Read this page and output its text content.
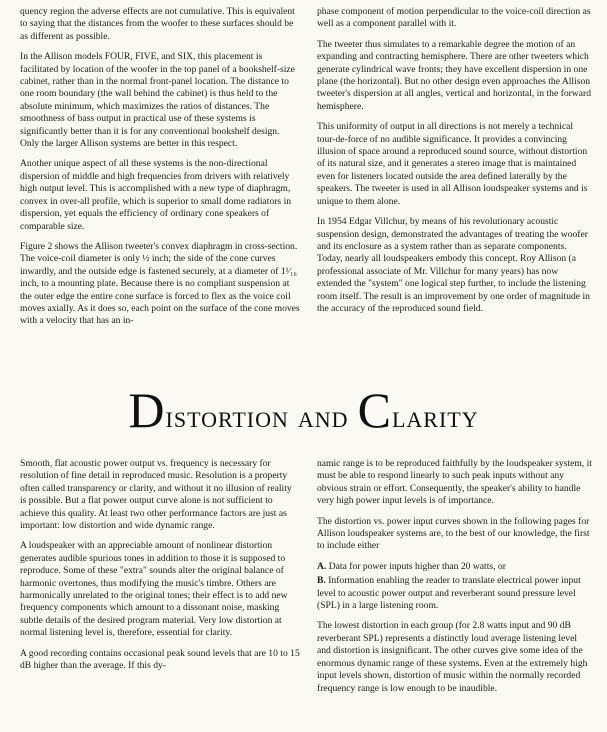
quency region the adverse effects are not cumulative. This is equivalent to saying that the distances from the woofer to these surfaces should be as different as possible.

In the Allison models FOUR, FIVE, and SIX, this placement is facilitated by location of the woofer in the top panel of a bookshelf-size cabinet, rather than in the normal front-panel location. The distance to one room boundary (the wall behind the cabinet) is thus held to the absolute minimum, which maximizes the ratios of distances. The smoothness of bass output in practical use of these systems is significantly better than it is for any conventional bookshelf design. Only the larger Allison systems are better in this respect.

Another unique aspect of all these systems is the non-directional dispersion of middle and high frequencies from drivers with relatively high output level. This is accomplished with a new type of diaphragm, convex in over-all profile, which is superior to small dome radiators in dispersion, yet equals the efficiency of ordinary cone speakers of comparable size.

Figure 2 shows the Allison tweeter's convex diaphragm in cross-section. The voice-coil diameter is only ½ inch; the side of the cone curves inwardly, and the outside edge is fastened securely, at a diameter of 1¹⁄₁₆ inch, to a mounting plate. Because there is no compliant suspension at the outer edge the entire cone surface is forced to flex as the voice coil moves axially. As it does so, each point on the surface of the cone moves with a velocity that has an in-

phase component of motion perpendicular to the voice-coil direction as well as a component parallel with it.

The tweeter thus simulates to a remarkable degree the motion of an expanding and contracting hemisphere. There are other tweeters which generate cylindrical wave fronts; they have excellent dispersion in one plane (the horizontal). But no other design even approaches the Allison tweeter's dispersion at all angles, vertical and horizontal, in the forward hemisphere.

This uniformity of output in all directions is not merely a technical tour-de-force of no audible significance. It provides a convincing illusion of space around a reproduced sound source, without distortion of its natural size, and it generates a stereo image that is maintained even for listeners located outside the area defined laterally by the speakers. The tweeter is used in all Allison loudspeaker systems and is unique to them alone.

In 1954 Edgar Villchur, by means of his revolutionary acoustic suspension design, demonstrated the advantages of treating the woofer and its enclosure as a system rather than as separate components. Today, nearly all loudspeakers embody this concept. Roy Allison (a professional associate of Mr. Villchur for many years) has now extended the "system" one logical step further, to include the listening room itself. The result is an improvement by one order of magnitude in the accuracy of the reproduced sound field.

Distortion and Clarity

Smooth, flat acoustic power output vs. frequency is necessary for resolution of fine detail in reproduced music. Resolution is a property often called transparency or clarity, and without it no illusion of reality is possible. But a flat power output curve alone is not sufficient to achieve this quality. At least two other performance factors are just as important: low distortion and wide dynamic range.

A loudspeaker with an appreciable amount of nonlinear distortion generates audible spurious tones in addition to those it is supposed to reproduce. Some of these "extra" sounds alter the original balance of harmonic overtones, thus modifying the music's timbre. Others are harmonically unrelated to the original tones; their effect is to add new frequency components which amount to a dissonant noise, masking subtle details of the desired program material. Very low distortion at normal listening level is, therefore, essential for clarity.

A good recording contains occasional peak sound levels that are 10 to 15 dB higher than the average. If this dy-

namic range is to be reproduced faithfully by the loudspeaker system, it must be able to respond linearly to such peak inputs without any obvious strain or effort. Consequently, the speaker's ability to handle very high power input levels is of importance.

The distortion vs. power input curves shown in the following pages for Allison loudspeaker systems are, to the best of our knowledge, the first to include either

A. Data for power inputs higher than 20 watts, or
B. Information enabling the reader to translate electrical power input level to acoustic power output and reverberant sound pressure level (SPL) in a large listening room.

The lowest distortion in each group (for 2.8 watts input and 90 dB reverberant SPL) represents a distinctly loud average listening level and distortion is insignificant. The other curves give some idea of the enormous dynamic range of these systems. Even at the extremely high input levels shown, distortion of music within the normally recorded frequency range is low enough to be inaudible.
